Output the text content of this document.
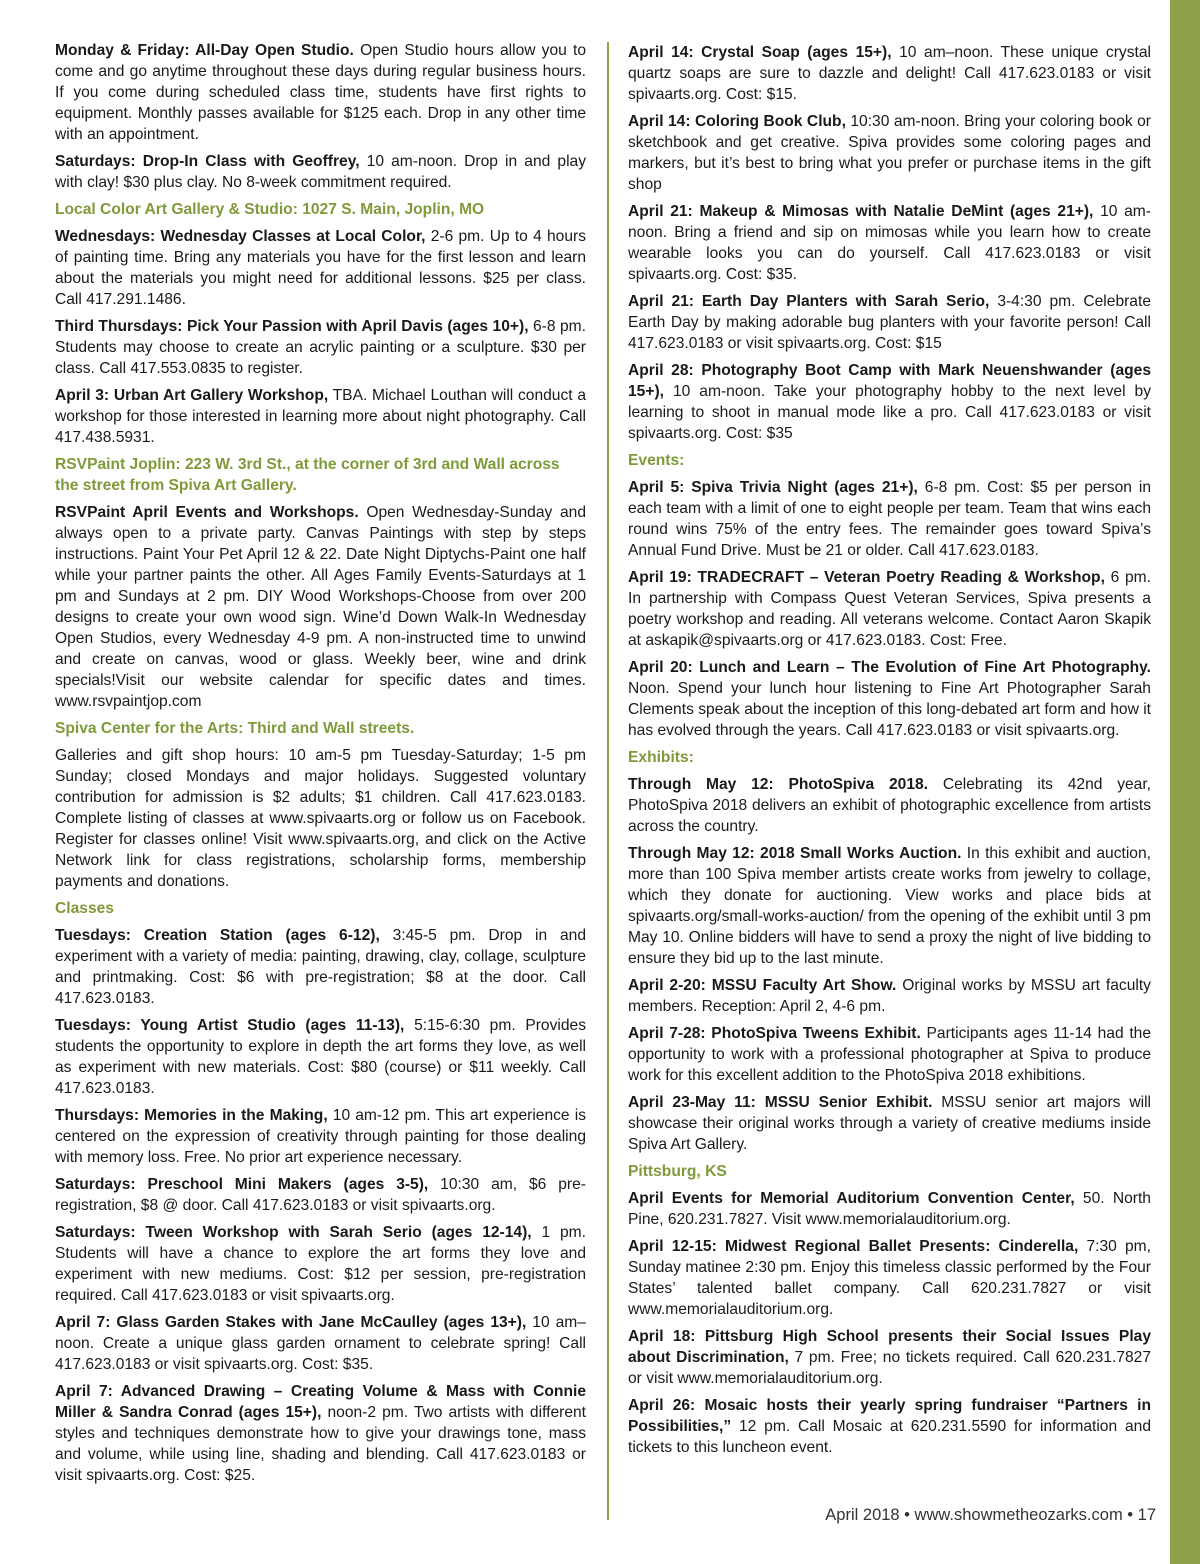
Monday & Friday: All-Day Open Studio. Open Studio hours allow you to come and go anytime throughout these days during regular business hours. If you come during scheduled class time, students have first rights to equipment. Monthly passes available for $125 each. Drop in any other time with an appointment.

Saturdays: Drop-In Class with Geoffrey, 10 am-noon. Drop in and play with clay! $30 plus clay. No 8-week commitment required.

Local Color Art Gallery & Studio: 1027 S. Main, Joplin, MO

Wednesdays: Wednesday Classes at Local Color, 2-6 pm. Up to 4 hours of painting time. Bring any materials you have for the first lesson and learn about the materials you might need for additional lessons. $25 per class. Call 417.291.1486.

Third Thursdays: Pick Your Passion with April Davis (ages 10+), 6-8 pm. Students may choose to create an acrylic painting or a sculpture. $30 per class. Call 417.553.0835 to register.

April 3: Urban Art Gallery Workshop, TBA. Michael Louthan will conduct a workshop for those interested in learning more about night photography. Call 417.438.5931.

RSVPaint Joplin: 223 W. 3rd St., at the corner of 3rd and Wall across the street from Spiva Art Gallery.

RSVPaint April Events and Workshops. Open Wednesday-Sunday and always open to a private party. Canvas Paintings with step by steps instructions. Paint Your Pet April 12 & 22. Date Night Diptychs-Paint one half while your partner paints the other. All Ages Family Events-Saturdays at 1 pm and Sundays at 2 pm. DIY Wood Workshops-Choose from over 200 designs to create your own wood sign. Wine’d Down Walk-In Wednesday Open Studios, every Wednesday 4-9 pm. A non-instructed time to unwind and create on canvas, wood or glass. Weekly beer, wine and drink specials!Visit our website calendar for specific dates and times. www.rsvpaintjop.com

Spiva Center for the Arts: Third and Wall streets.

Galleries and gift shop hours: 10 am-5 pm Tuesday-Saturday; 1-5 pm Sunday; closed Mondays and major holidays. Suggested voluntary contribution for admission is $2 adults; $1 children. Call 417.623.0183. Complete listing of classes at www.spivaarts.org or follow us on Facebook. Register for classes online! Visit www.spivaarts.org, and click on the Active Network link for class registrations, scholarship forms, membership payments and donations.

Classes

Tuesdays: Creation Station (ages 6-12), 3:45-5 pm. Drop in and experiment with a variety of media: painting, drawing, clay, collage, sculpture and printmaking. Cost: $6 with pre-registration; $8 at the door. Call 417.623.0183.

Tuesdays: Young Artist Studio (ages 11-13), 5:15-6:30 pm. Provides students the opportunity to explore in depth the art forms they love, as well as experiment with new materials. Cost: $80 (course) or $11 weekly. Call 417.623.0183.

Thursdays: Memories in the Making, 10 am-12 pm. This art experience is centered on the expression of creativity through painting for those dealing with memory loss. Free. No prior art experience necessary.

Saturdays: Preschool Mini Makers (ages 3-5), 10:30 am, $6 pre-registration, $8 @ door. Call 417.623.0183 or visit spivaarts.org.

Saturdays: Tween Workshop with Sarah Serio (ages 12-14), 1 pm. Students will have a chance to explore the art forms they love and experiment with new mediums. Cost: $12 per session, pre-registration required. Call 417.623.0183 or visit spivaarts.org.

April 7: Glass Garden Stakes with Jane McCaulley (ages 13+), 10 am–noon. Create a unique glass garden ornament to celebrate spring! Call 417.623.0183 or visit spivaarts.org. Cost: $35.

April 7: Advanced Drawing – Creating Volume & Mass with Connie Miller & Sandra Conrad (ages 15+), noon-2 pm. Two artists with different styles and techniques demonstrate how to give your drawings tone, mass and volume, while using line, shading and blending. Call 417.623.0183 or visit spivaarts.org. Cost: $25.

April 14: Crystal Soap (ages 15+), 10 am–noon. These unique crystal quartz soaps are sure to dazzle and delight! Call 417.623.0183 or visit spivaarts.org. Cost: $15.

April 14: Coloring Book Club, 10:30 am-noon. Bring your coloring book or sketchbook and get creative. Spiva provides some coloring pages and markers, but it’s best to bring what you prefer or purchase items in the gift shop

April 21: Makeup & Mimosas with Natalie DeMint (ages 21+), 10 am-noon. Bring a friend and sip on mimosas while you learn how to create wearable looks you can do yourself. Call 417.623.0183 or visit spivaarts.org. Cost: $35.

April 21: Earth Day Planters with Sarah Serio, 3-4:30 pm. Celebrate Earth Day by making adorable bug planters with your favorite person! Call 417.623.0183 or visit spivaarts.org. Cost: $15

April 28: Photography Boot Camp with Mark Neuenshwander (ages 15+), 10 am-noon. Take your photography hobby to the next level by learning to shoot in manual mode like a pro. Call 417.623.0183 or visit spivaarts.org. Cost: $35

Events:

April 5: Spiva Trivia Night (ages 21+), 6-8 pm. Cost: $5 per person in each team with a limit of one to eight people per team. Team that wins each round wins 75% of the entry fees. The remainder goes toward Spiva’s Annual Fund Drive. Must be 21 or older. Call 417.623.0183.

April 19: TRADECRAFT – Veteran Poetry Reading & Workshop, 6 pm. In partnership with Compass Quest Veteran Services, Spiva presents a poetry workshop and reading. All veterans welcome. Contact Aaron Skapik at askapik@spivaarts.org or 417.623.0183. Cost: Free.

April 20: Lunch and Learn – The Evolution of Fine Art Photography. Noon. Spend your lunch hour listening to Fine Art Photographer Sarah Clements speak about the inception of this long-debated art form and how it has evolved through the years. Call 417.623.0183 or visit spivaarts.org.

Exhibits:

Through May 12: PhotoSpiva 2018. Celebrating its 42nd year, PhotoSpiva 2018 delivers an exhibit of photographic excellence from artists across the country.

Through May 12: 2018 Small Works Auction. In this exhibit and auction, more than 100 Spiva member artists create works from jewelry to collage, which they donate for auctioning. View works and place bids at spivaarts.org/small-works-auction/ from the opening of the exhibit until 3 pm May 10. Online bidders will have to send a proxy the night of live bidding to ensure they bid up to the last minute.

April 2-20: MSSU Faculty Art Show. Original works by MSSU art faculty members. Reception: April 2, 4-6 pm.

April 7-28: PhotoSpiva Tweens Exhibit. Participants ages 11-14 had the opportunity to work with a professional photographer at Spiva to produce work for this excellent addition to the PhotoSpiva 2018 exhibitions.

April 23-May 11: MSSU Senior Exhibit. MSSU senior art majors will showcase their original works through a variety of creative mediums inside Spiva Art Gallery.

Pittsburg, KS

April Events for Memorial Auditorium Convention Center, 50. North Pine, 620.231.7827. Visit www.memorialauditorium.org.

April 12-15: Midwest Regional Ballet Presents: Cinderella, 7:30 pm, Sunday matinee 2:30 pm. Enjoy this timeless classic performed by the Four States’ talented ballet company. Call 620.231.7827 or visit www.memorialauditorium.org.

April 18: Pittsburg High School presents their Social Issues Play about Discrimination, 7 pm. Free; no tickets required. Call 620.231.7827 or visit www.memorialauditorium.org.

April 26: Mosaic hosts their yearly spring fundraiser “Partners in Possibilities,” 12 pm. Call Mosaic at 620.231.5590 for information and tickets to this luncheon event.

April 2018 • www.showmetheozarks.com • 17
